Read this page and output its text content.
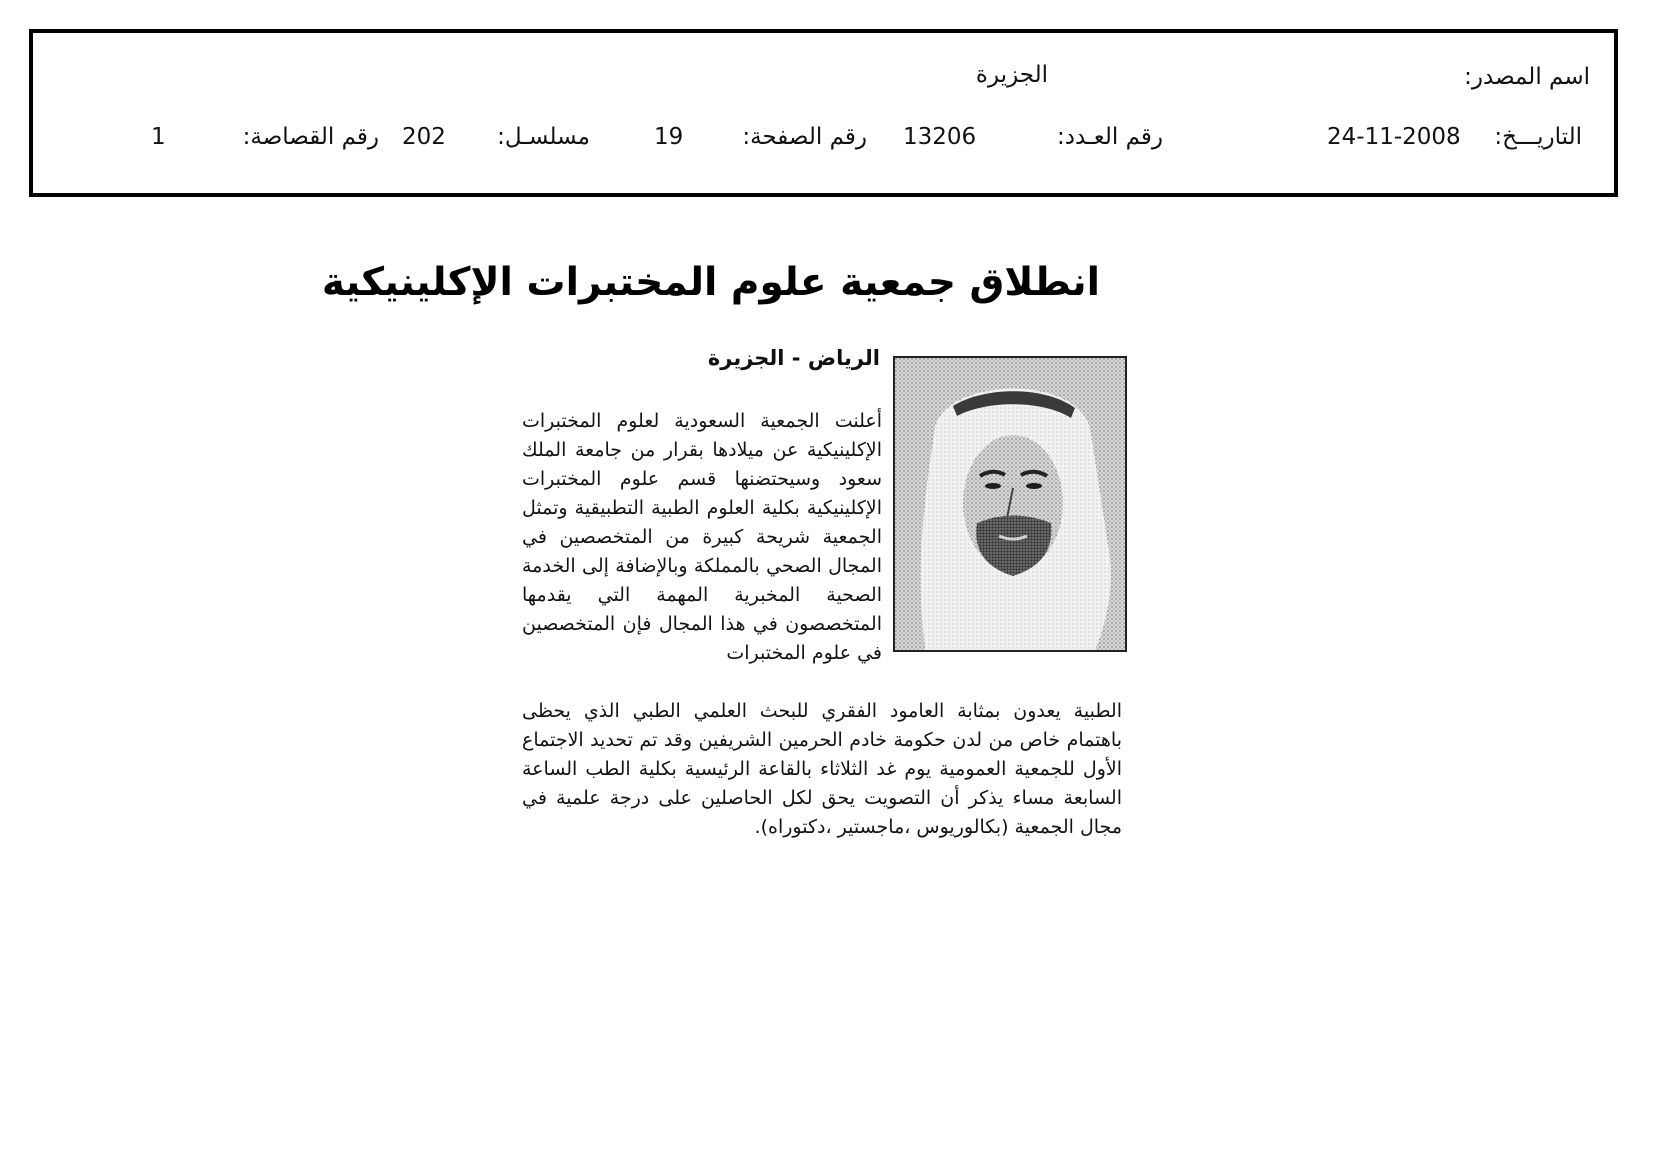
اسم المصدر:
الجزيرة
التاريـــخ:
24-11-2008
رقم العـدد:
13206
رقم الصفحة:
19
مسلسـل:
202
رقم القصاصة:
1
انطلاق جمعية علوم المختبرات الإكلينيكية
الرياض - الجزيرة
أعلنت الجمعية السعودية لعلوم المختبرات الإكلينيكية عن ميلادها بقرار من جامعة الملك سعود وسيحتضنها قسم علوم المختبرات الإكلينيكية بكلية العلوم الطبية التطبيقية وتمثل الجمعية شريحة كبيرة من المتخصصين في المجال الصحي بالمملكة وبالإضافة إلى الخدمة الصحية المخبرية المهمة التي يقدمها المتخصصون في هذا المجال فإن المتخصصين في علوم المختبرات
الطبية يعدون بمثابة العامود الفقري للبحث العلمي الطبي الذي يحظى باهتمام خاص من لدن حكومة خادم الحرمين الشريفين وقد تم تحديد الاجتماع الأول للجمعية العمومية يوم غد الثلاثاء بالقاعة الرئيسية بكلية الطب الساعة السابعة مساء يذكر أن التصويت يحق لكل الحاصلين على درجة علمية في مجال الجمعية (بكالوريوس ،ماجستير ،دكتوراه).
